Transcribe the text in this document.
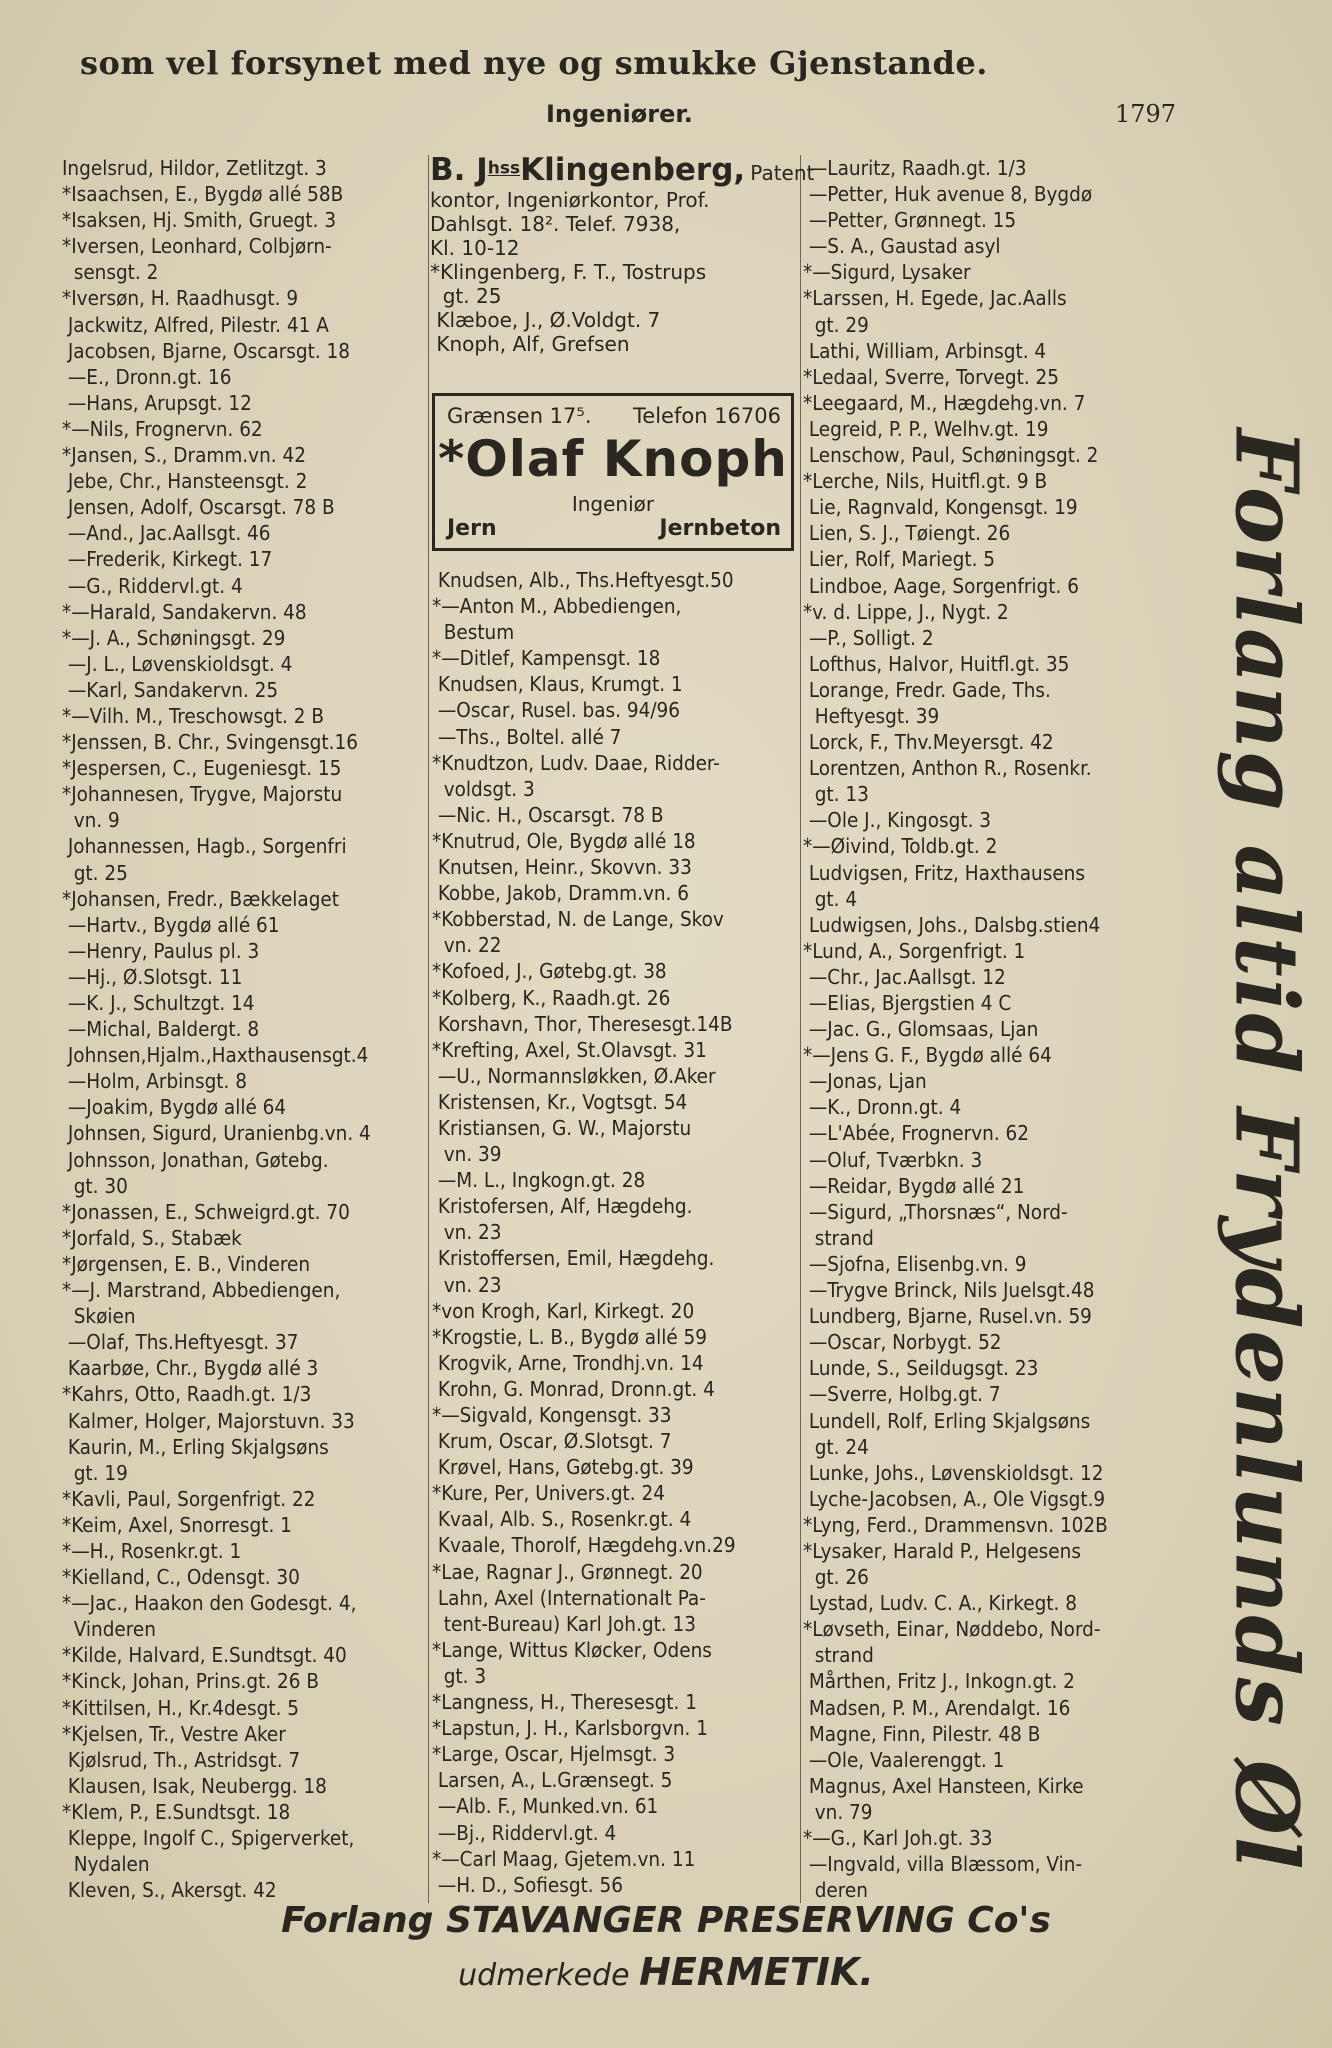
som vel forsynet med nye og smukke Gjenstande.
Ingeniører.	1797
Ingelsrud, Hildor, Zetlitzgt. 3
*Isaachsen, E., Bygdø allé 58B
*Isaksen, Hj. Smith, Gruegt. 3
*Iversen, Leonhard, Colbjørn-
sensgt. 2
*Iversøn, H. Raadhusgt. 9
Jackwitz, Alfred, Pilestr. 41 A
Jacobsen, Bjarne, Oscarsgt. 18
—E., Dronn.gt. 16
—Hans, Arupsgt. 12
*—Nils, Frognervn. 62
*Jansen, S., Dramm.vn. 42
Jebe, Chr., Hansteensgt. 2
Jensen, Adolf, Oscarsgt. 78 B
—And., Jac.Aallsgt. 46
—Frederik, Kirkegt. 17
—G., Riddervl.gt. 4
*—Harald, Sandakervn. 48
*—J. A., Schøningsgt. 29
—J. L., Løvenskioldsgt. 4
—Karl, Sandakervn. 25
*—Vilh. M., Treschowsgt. 2 B
*Jenssen, B. Chr., Svingensgt.16
*Jespersen, C., Eugeniesgt. 15
*Johannesen, Trygve, Majorstu
vn. 9
Johannessen, Hagb., Sorgenfri
gt. 25
*Johansen, Fredr., Bækkelaget
—Hartv., Bygdø allé 61
—Henry, Paulus pl. 3
—Hj., Ø.Slotsgt. 11
—K. J., Schultzgt. 14
—Michal, Baldergt. 8
Johnsen,Hjalm.,Haxthausensgt.4
—Holm, Arbinsgt. 8
—Joakim, Bygdø allé 64
Johnsen, Sigurd, Uranienbg.vn. 4
Johnsson, Jonathan, Gøtebg.
gt. 30
*Jonassen, E., Schweigrd.gt. 70
*Jorfald, S., Stabæk
*Jørgensen, E. B., Vinderen
*—J. Marstrand, Abbediengen,
Skøien
—Olaf, Ths.Heftyesgt. 37
Kaarbøe, Chr., Bygdø allé 3
*Kahrs, Otto, Raadh.gt. 1/3
Kalmer, Holger, Majorstuvn. 33
Kaurin, M., Erling Skjalgsøns
gt. 19
*Kavli, Paul, Sorgenfrigt. 22
*Keim, Axel, Snorresgt. 1
*—H., Rosenkr.gt. 1
*Kielland, C., Odensgt. 30
*—Jac., Haakon den Godesgt. 4,
Vinderen
*Kilde, Halvard, E.Sundtsgt. 40
*Kinck, Johan, Prins.gt. 26 B
*Kittilsen, H., Kr.4desgt. 5
*Kjelsen, Tr., Vestre Aker
Kjølsrud, Th., Astridsgt. 7
Klausen, Isak, Neubergg. 18
*Klem, P., E.Sundtsgt. 18
Kleppe, Ingolf C., Spigerverket,
Nydalen
Kleven, S., Akersgt. 42
B. $J^{hss}Klingenberg$, Patent
kontor, Ingeniørkontor, Prof.
Dahlsgt. 18². Telef. 7938,
Kl. 10-12
*Klingenberg, F. T., Tostrups
gt. 25
Klæboe, J., Ø.Voldgt. 7
Knoph, Alf, Grefsen
Grænsen 17⁵. Telefon 16706
*Olaf Knoph
Ingeniør
Jern	Jernbeton
Knudsen, Alb., Ths.Heftyesgt.50
*—Anton M., Abbediengen,
Bestum
*—Ditlef, Kampensgt. 18
Knudsen, Klaus, Krumgt. 1
—Oscar, Rusel. bas. 94/96
—Ths., Boltel. allé 7
*Knudtzon, Ludv. Daae, Ridder-
voldsgt. 3
—Nic. H., Oscarsgt. 78 B
*Knutrud, Ole, Bygdø allé 18
Knutsen, Heinr., Skovvn. 33
Kobbe, Jakob, Dramm.vn. 6
*Kobberstad, N. de Lange, Skov
vn. 22
*Kofoed, J., Gøtebg.gt. 38
*Kolberg, K., Raadh.gt. 26
Korshavn, Thor, Theresesgt.14B
*Krefting, Axel, St.Olavsgt. 31
—U., Normannsløkken, Ø.Aker
Kristensen, Kr., Vogtsgt. 54
Kristiansen, G. W., Majorstu
vn. 39
—M. L., Ingkogn.gt. 28
Kristofersen, Alf, Hægdehg.
vn. 23
Kristoffersen, Emil, Hægdehg.
vn. 23
*von Krogh, Karl, Kirkegt. 20
*Krogstie, L. B., Bygdø allé 59
Krogvik, Arne, Trondhj.vn. 14
Krohn, G. Monrad, Dronn.gt. 4
*—Sigvald, Kongensgt. 33
Krum, Oscar, Ø.Slotsgt. 7
Krøvel, Hans, Gøtebg.gt. 39
*Kure, Per, Univers.gt. 24
Kvaal, Alb. S., Rosenkr.gt. 4
Kvaale, Thorolf, Hægdehg.vn.29
*Lae, Ragnar J., Grønnegt. 20
Lahn, Axel (Internationalt Pa-
tent-Bureau) Karl Joh.gt. 13
*Lange, Wittus Kløcker, Odens
gt. 3
*Langness, H., Theresesgt. 1
*Lapstun, J. H., Karlsborgvn. 1
*Large, Oscar, Hjelmsgt. 3
Larsen, A., L.Grænsegt. 5
—Alb. F., Munked.vn. 61
—Bj., Riddervl.gt. 4
*—Carl Maag, Gjetem.vn. 11
—H. D., Sofiesgt. 56
—Lauritz, Raadh.gt. 1/3
—Petter, Huk avenue 8, Bygdø
—Petter, Grønnegt. 15
—S. A., Gaustad asyl
*—Sigurd, Lysaker
*Larssen, H. Egede, Jac.Aalls
gt. 29
Lathi, William, Arbinsgt. 4
*Ledaal, Sverre, Torvegt. 25
*Leegaard, M., Hægdehg.vn. 7
Legreid, P. P., Welhv.gt. 19
Lenschow, Paul, Schøningsgt. 2
*Lerche, Nils, Huitfl.gt. 9 B
Lie, Ragnvald, Kongensgt. 19
Lien, S. J., Tøiengt. 26
Lier, Rolf, Mariegt. 5
Lindboe, Aage, Sorgenfrigt. 6
*v. d. Lippe, J., Nygt. 2
—P., Solligt. 2
Lofthus, Halvor, Huitfl.gt. 35
Lorange, Fredr. Gade, Ths.
Heftyesgt. 39
Lorck, F., Thv.Meyersgt. 42
Lorentzen, Anthon R., Rosenkr.
gt. 13
—Ole J., Kingosgt. 3
*—Øivind, Toldb.gt. 2
Ludvigsen, Fritz, Haxthausens
gt. 4
Ludwigsen, Johs., Dalsbg.stien4
*Lund, A., Sorgenfrigt. 1
—Chr., Jac.Aallsgt. 12
—Elias, Bjergstien 4 C
—Jac. G., Glomsaas, Ljan
*—Jens G. F., Bygdø allé 64
—Jonas, Ljan
—K., Dronn.gt. 4
—L'Abée, Frognervn. 62
—Oluf, Tværbkn. 3
—Reidar, Bygdø allé 21
—Sigurd, „Thorsnæs“, Nord-
strand
—Sjofna, Elisenbg.vn. 9
—Trygve Brinck, Nils Juelsgt.48
Lundberg, Bjarne, Rusel.vn. 59
—Oscar, Norbygt. 52
Lunde, S., Seildugsgt. 23
—Sverre, Holbg.gt. 7
Lundell, Rolf, Erling Skjalgsøns
gt. 24
Lunke, Johs., Løvenskioldsgt. 12
Lyche-Jacobsen, A., Ole Vigsgt.9
*Lyng, Ferd., Drammensvn. 102B
*Lysaker, Harald P., Helgesens
gt. 26
Lystad, Ludv. C. A., Kirkegt. 8
*Løvseth, Einar, Nøddebo, Nord-
strand
Mårthen, Fritz J., Inkogn.gt. 2
Madsen, P. M., Arendalgt. 16
Magne, Finn, Pilestr. 48 B
—Ole, Vaalerenggt. 1
Magnus, Axel Hansteen, Kirke
vn. 79
*—G., Karl Joh.gt. 33
—Ingvald, villa Blæssom, Vin-
deren
Forlang altid Frydenlunds Øl
Forlang STAVANGER PRESERVING Co's
udmerkede HERMETIK.
